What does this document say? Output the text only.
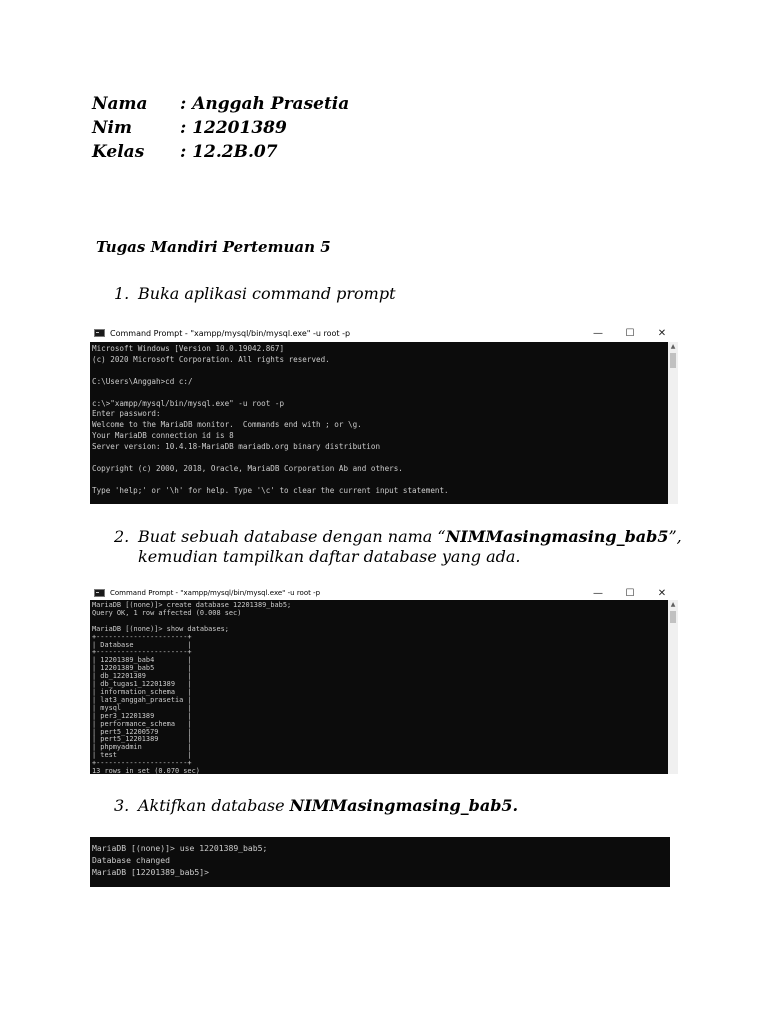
Nama	: Anggah Prasetia
Nim	: 12201389
Kelas	: 12.2B.07
Tugas Mandiri Pertemuan 5
1. Buka aplikasi command prompt
Command Prompt - "xampp/mysql/bin/mysql.exe" -u root -p	—	☐	✕
Microsoft Windows [Version 10.0.19042.867]
(c) 2020 Microsoft Corporation. All rights reserved.

C:\Users\Anggah>cd c:/

c:\>"xampp/mysql/bin/mysql.exe" -u root -p
Enter password:
Welcome to the MariaDB monitor.  Commands end with ; or \g.
Your MariaDB connection id is 8
Server version: 10.4.18-MariaDB mariadb.org binary distribution

Copyright (c) 2000, 2018, Oracle, MariaDB Corporation Ab and others.

Type 'help;' or '\h' for help. Type '\c' to clear the current input statement.
▲
2. Buat sebuah database dengan nama “NIMMasingmasing_bab5”,
kemudian tampilkan daftar database yang ada.
Command Prompt - "xampp/mysql/bin/mysql.exe" -u root -p	—	☐	✕
MariaDB [(none)]> create database 12201389_bab5;
Query OK, 1 row affected (0.008 sec)

MariaDB [(none)]> show databases;
+----------------------+
| Database             |
+----------------------+
| 12201389_bab4        |
| 12201389_bab5        |
| db_12201389          |
| db_tugas1_12201389   |
| information_schema   |
| lat3_anggah_prasetia |
| mysql                |
| per3_12201389        |
| performance_schema   |
| pert5_12200579       |
| pert5_12201389       |
| phpmyadmin           |
| test                 |
+----------------------+
13 rows in set (0.070 sec)
▲
3. Aktifkan database NIMMasingmasing_bab5.
MariaDB [(none)]> use 12201389_bab5;
Database changed
MariaDB [12201389_bab5]>
